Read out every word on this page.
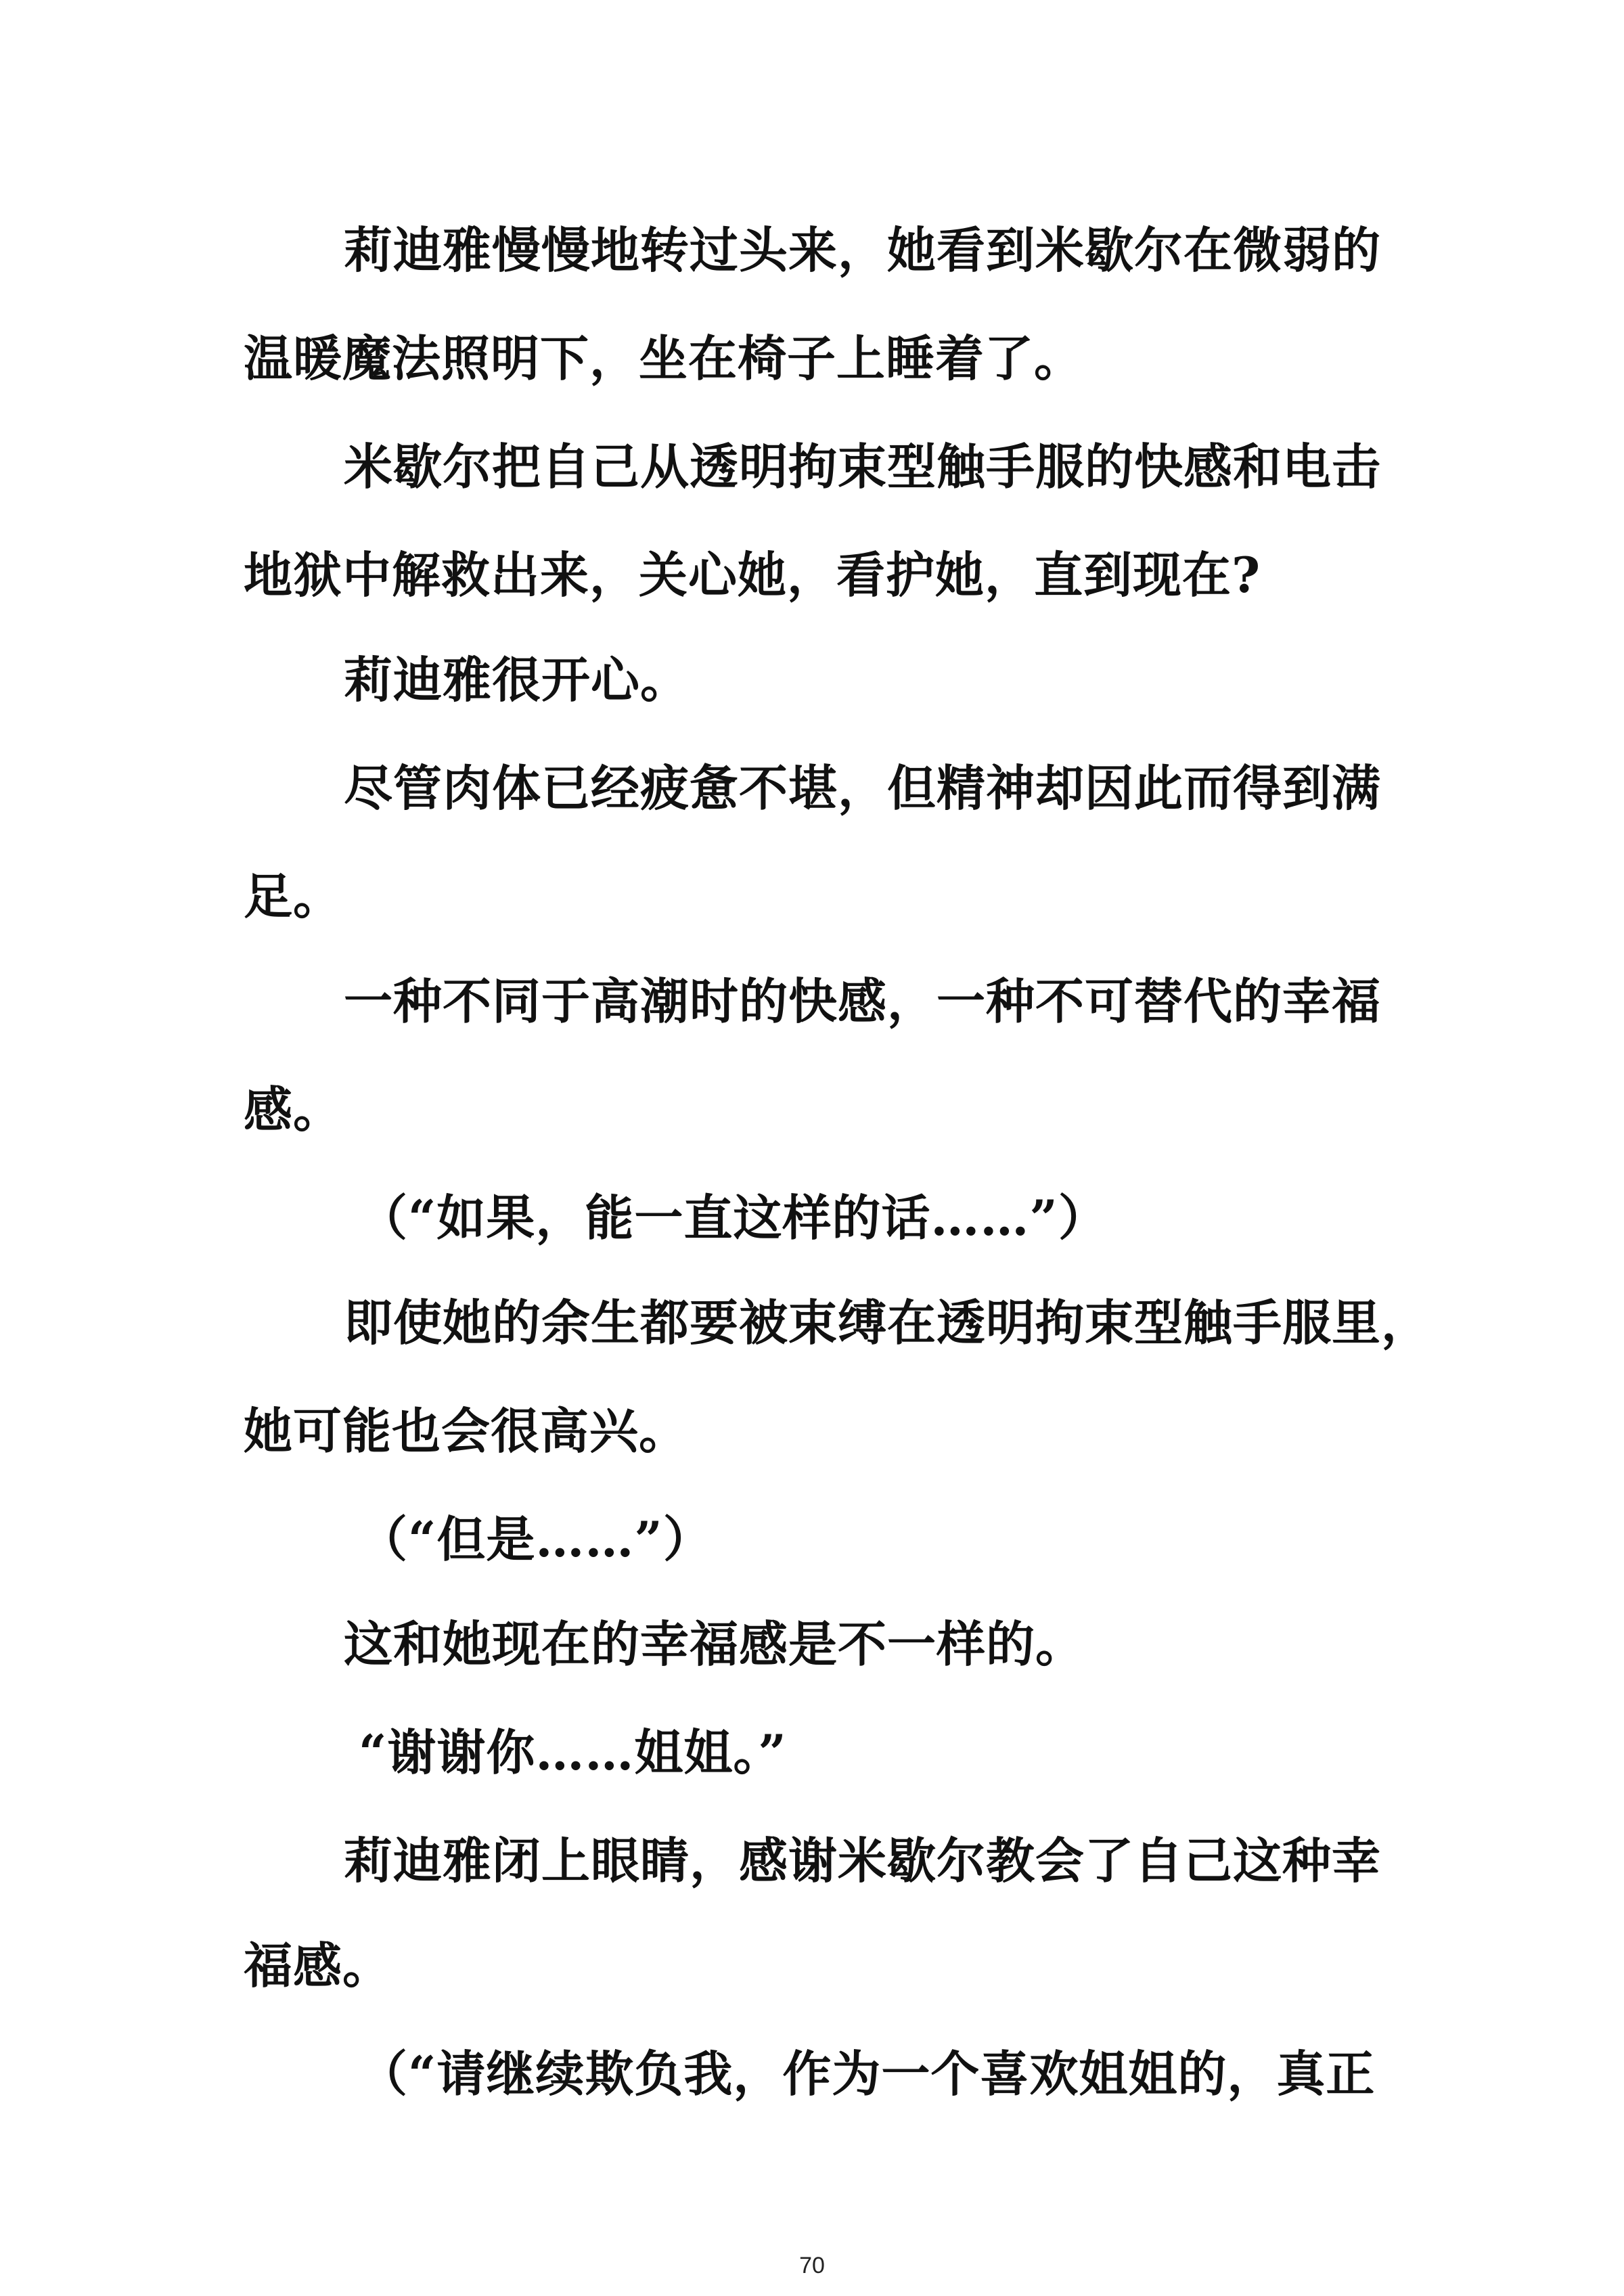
莉迪雅慢慢地转过头来，她看到米歇尔在微弱的

温暖魔法照明下，坐在椅子上睡着了。

米歇尔把自己从透明拘束型触手服的快感和电击

地狱中解救出来，关心她，看护她，直到现在?

莉迪雅很开心。

尽管肉体已经疲惫不堪，但精神却因此而得到满

足。

一种不同于高潮时的快感，一种不可替代的幸福

感。

（“如果，能一直这样的话……”）

即使她的余生都要被束缚在透明拘束型触手服里，

她可能也会很高兴。

（“但是……”）

这和她现在的幸福感是不一样的。

“谢谢你……姐姐。”

莉迪雅闭上眼睛，感谢米歇尔教会了自己这种幸

福感。

（“请继续欺负我，作为一个喜欢姐姐的，真正

70
